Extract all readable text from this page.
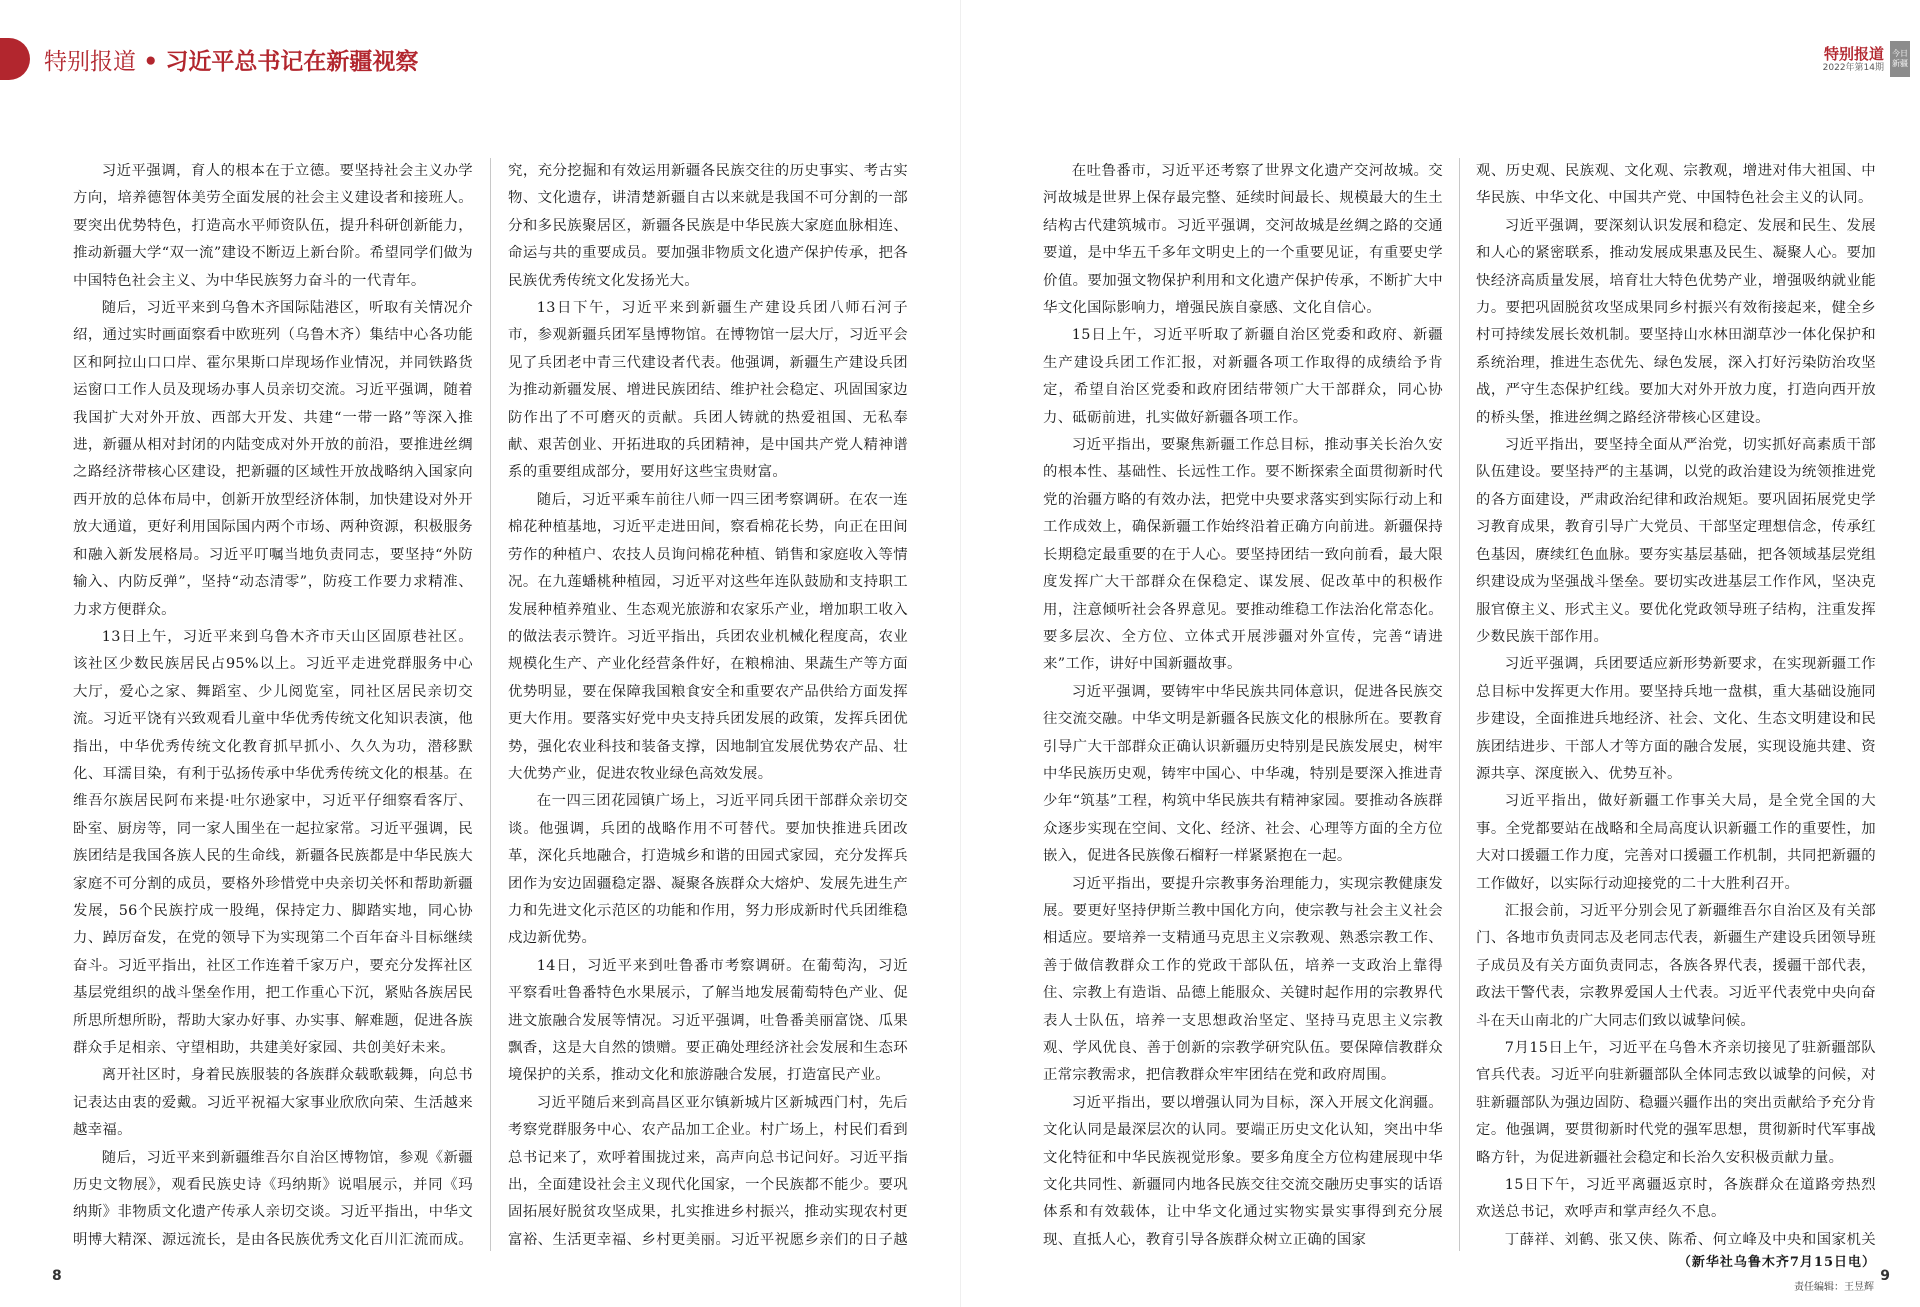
特别报道 • 习近平总书记在新疆视察	特别报道
2022年第14期
今日新疆

习近平强调，育人的根本在于立德。要坚持社会主义办学方向，培养德智体美劳全面发展的社会主义建设者和接班人。要突出优势特色，打造高水平师资队伍，提升科研创新能力，推动新疆大学“双一流”建设不断迈上新台阶。希望同学们做为中国特色社会主义、为中华民族努力奋斗的一代青年。

随后，习近平来到乌鲁木齐国际陆港区，听取有关情况介绍，通过实时画面察看中欧班列（乌鲁木齐）集结中心各功能区和阿拉山口口岸、霍尔果斯口岸现场作业情况，并同铁路货运窗口工作人员及现场办事人员亲切交流。习近平强调，随着我国扩大对外开放、西部大开发、共建“一带一路”等深入推进，新疆从相对封闭的内陆变成对外开放的前沿，要推进丝绸之路经济带核心区建设，把新疆的区域性开放战略纳入国家向西开放的总体布局中，创新开放型经济体制，加快建设对外开放大通道，更好利用国际国内两个市场、两种资源，积极服务和融入新发展格局。习近平叮嘱当地负责同志，要坚持“外防输入、内防反弹”，坚持“动态清零”，防疫工作要力求精准、力求方便群众。

13日上午，习近平来到乌鲁木齐市天山区固原巷社区。该社区少数民族居民占95%以上。习近平走进党群服务中心大厅，爱心之家、舞蹈室、少儿阅览室，同社区居民亲切交流。习近平饶有兴致观看儿童中华优秀传统文化知识表演，他指出，中华优秀传统文化教育抓早抓小、久久为功，潜移默化、耳濡目染，有利于弘扬传承中华优秀传统文化的根基。在维吾尔族居民阿布来提·吐尔逊家中，习近平仔细察看客厅、卧室、厨房等，同一家人围坐在一起拉家常。习近平强调，民族团结是我国各族人民的生命线，新疆各民族都是中华民族大家庭不可分割的成员，要格外珍惜党中央亲切关怀和帮助新疆发展，56个民族拧成一股绳，保持定力、脚踏实地，同心协力、踔厉奋发，在党的领导下为实现第二个百年奋斗目标继续奋斗。习近平指出，社区工作连着千家万户，要充分发挥社区基层党组织的战斗堡垒作用，把工作重心下沉，紧贴各族居民所思所想所盼，帮助大家办好事、办实事、解难题，促进各族群众手足相亲、守望相助，共建美好家园、共创美好未来。

离开社区时，身着民族服装的各族群众载歌载舞，向总书记表达由衷的爱戴。习近平祝福大家事业欣欣向荣、生活越来越幸福。

随后，习近平来到新疆维吾尔自治区博物馆，参观《新疆历史文物展》，观看民族史诗《玛纳斯》说唱展示，并同《玛纳斯》非物质文化遗产传承人亲切交谈。习近平指出，中华文明博大精深、源远流长，是由各民族优秀文化百川汇流而成。

究，充分挖掘和有效运用新疆各民族交往的历史事实、考古实物、文化遗存，讲清楚新疆自古以来就是我国不可分割的一部分和多民族聚居区，新疆各民族是中华民族大家庭血脉相连、命运与共的重要成员。要加强非物质文化遗产保护传承，把各民族优秀传统文化发扬光大。

13日下午，习近平来到新疆生产建设兵团八师石河子市，参观新疆兵团军垦博物馆。在博物馆一层大厅，习近平会见了兵团老中青三代建设者代表。他强调，新疆生产建设兵团为推动新疆发展、增进民族团结、维护社会稳定、巩固国家边防作出了不可磨灭的贡献。兵团人铸就的热爱祖国、无私奉献、艰苦创业、开拓进取的兵团精神，是中国共产党人精神谱系的重要组成部分，要用好这些宝贵财富。

随后，习近平乘车前往八师一四三团考察调研。在农一连棉花种植基地，习近平走进田间，察看棉花长势，向正在田间劳作的种植户、农技人员询问棉花种植、销售和家庭收入等情况。在九莲蟠桃种植园，习近平对这些年连队鼓励和支持职工发展种植养殖业、生态观光旅游和农家乐产业，增加职工收入的做法表示赞许。习近平指出，兵团农业机械化程度高，农业规模化生产、产业化经营条件好，在粮棉油、果蔬生产等方面优势明显，要在保障我国粮食安全和重要农产品供给方面发挥更大作用。要落实好党中央支持兵团发展的政策，发挥兵团优势，强化农业科技和装备支撑，因地制宜发展优势农产品、壮大优势产业，促进农牧业绿色高效发展。

在一四三团花园镇广场上，习近平同兵团干部群众亲切交谈。他强调，兵团的战略作用不可替代。要加快推进兵团改革，深化兵地融合，打造城乡和谐的田园式家园，充分发挥兵团作为安边固疆稳定器、凝聚各族群众大熔炉、发展先进生产力和先进文化示范区的功能和作用，努力形成新时代兵团维稳戍边新优势。

14日，习近平来到吐鲁番市考察调研。在葡萄沟，习近平察看吐鲁番特色水果展示，了解当地发展葡萄特色产业、促进文旅融合发展等情况。习近平强调，吐鲁番美丽富饶、瓜果飘香，这是大自然的馈赠。要正确处理经济社会发展和生态环境保护的关系，推动文化和旅游融合发展，打造富民产业。

习近平随后来到高昌区亚尔镇新城片区新城西门村，先后考察党群服务中心、农产品加工企业。村广场上，村民们看到总书记来了，欢呼着围拢过来，高声向总书记问好。习近平指出，全面建设社会主义现代化国家，一个民族都不能少。要巩固拓展好脱贫攻坚成果，扎实推进乡村振兴，推动实现农村更富裕、生活更幸福、乡村更美丽。习近平祝愿乡亲们的日子越

在吐鲁番市，习近平还考察了世界文化遗产交河故城。交河故城是世界上保存最完整、延续时间最长、规模最大的生土结构古代建筑城市。习近平强调，交河故城是丝绸之路的交通要道，是中华五千多年文明史上的一个重要见证，有重要史学价值。要加强文物保护利用和文化遗产保护传承，不断扩大中华文化国际影响力，增强民族自豪感、文化自信心。

15日上午，习近平听取了新疆自治区党委和政府、新疆生产建设兵团工作汇报，对新疆各项工作取得的成绩给予肯定，希望自治区党委和政府团结带领广大干部群众，同心协力、砥砺前进，扎实做好新疆各项工作。

习近平指出，要聚焦新疆工作总目标，推动事关长治久安的根本性、基础性、长远性工作。要不断探索全面贯彻新时代党的治疆方略的有效办法，把党中央要求落实到实际行动上和工作成效上，确保新疆工作始终沿着正确方向前进。新疆保持长期稳定最重要的在于人心。要坚持团结一致向前看，最大限度发挥广大干部群众在保稳定、谋发展、促改革中的积极作用，注意倾听社会各界意见。要推动维稳工作法治化常态化。要多层次、全方位、立体式开展涉疆对外宣传，完善“请进来”工作，讲好中国新疆故事。

习近平强调，要铸牢中华民族共同体意识，促进各民族交往交流交融。中华文明是新疆各民族文化的根脉所在。要教育引导广大干部群众正确认识新疆历史特别是民族发展史，树牢中华民族历史观，铸牢中国心、中华魂，特别是要深入推进青少年“筑基”工程，构筑中华民族共有精神家园。要推动各族群众逐步实现在空间、文化、经济、社会、心理等方面的全方位嵌入，促进各民族像石榴籽一样紧紧抱在一起。

习近平指出，要提升宗教事务治理能力，实现宗教健康发展。要更好坚持伊斯兰教中国化方向，使宗教与社会主义社会相适应。要培养一支精通马克思主义宗教观、熟悉宗教工作、善于做信教群众工作的党政干部队伍，培养一支政治上靠得住、宗教上有造诣、品德上能服众、关键时起作用的宗教界代表人士队伍，培养一支思想政治坚定、坚持马克思主义宗教观、学风优良、善于创新的宗教学研究队伍。要保障信教群众正常宗教需求，把信教群众牢牢团结在党和政府周围。

习近平指出，要以增强认同为目标，深入开展文化润疆。文化认同是最深层次的认同。要端正历史文化认知，突出中华文化特征和中华民族视觉形象。要多角度全方位构建展现中华文化共同性、新疆同内地各民族交往交流交融历史事实的话语体系和有效载体，让中华文化通过实物实景实事得到充分展现、直抵人心，教育引导各族群众树立正确的国家

观、历史观、民族观、文化观、宗教观，增进对伟大祖国、中华民族、中华文化、中国共产党、中国特色社会主义的认同。

习近平强调，要深刻认识发展和稳定、发展和民生、发展和人心的紧密联系，推动发展成果惠及民生、凝聚人心。要加快经济高质量发展，培育壮大特色优势产业，增强吸纳就业能力。要把巩固脱贫攻坚成果同乡村振兴有效衔接起来，健全乡村可持续发展长效机制。要坚持山水林田湖草沙一体化保护和系统治理，推进生态优先、绿色发展，深入打好污染防治攻坚战，严守生态保护红线。要加大对外开放力度，打造向西开放的桥头堡，推进丝绸之路经济带核心区建设。

习近平指出，要坚持全面从严治党，切实抓好高素质干部队伍建设。要坚持严的主基调，以党的政治建设为统领推进党的各方面建设，严肃政治纪律和政治规矩。要巩固拓展党史学习教育成果，教育引导广大党员、干部坚定理想信念，传承红色基因，赓续红色血脉。要夯实基层基础，把各领域基层党组织建设成为坚强战斗堡垒。要切实改进基层工作作风，坚决克服官僚主义、形式主义。要优化党政领导班子结构，注重发挥少数民族干部作用。

习近平强调，兵团要适应新形势新要求，在实现新疆工作总目标中发挥更大作用。要坚持兵地一盘棋，重大基础设施同步建设，全面推进兵地经济、社会、文化、生态文明建设和民族团结进步、干部人才等方面的融合发展，实现设施共建、资源共享、深度嵌入、优势互补。

习近平指出，做好新疆工作事关大局，是全党全国的大事。全党都要站在战略和全局高度认识新疆工作的重要性，加大对口援疆工作力度，完善对口援疆工作机制，共同把新疆的工作做好，以实际行动迎接党的二十大胜利召开。

汇报会前，习近平分别会见了新疆维吾尔自治区及有关部门、各地市负责同志及老同志代表，新疆生产建设兵团领导班子成员及有关方面负责同志，各族各界代表，援疆干部代表，政法干警代表，宗教界爱国人士代表。习近平代表党中央向奋斗在天山南北的广大同志们致以诚挚问候。

7月15日上午，习近平在乌鲁木齐亲切接见了驻新疆部队官兵代表。习近平向驻新疆部队全体同志致以诚挚的问候，对驻新疆部队为强边固防、稳疆兴疆作出的突出贡献给予充分肯定。他强调，要贯彻新时代党的强军思想，贯彻新时代军事战略方针，为促进新疆社会稳定和长治久安积极贡献力量。

15日下午，习近平离疆返京时，各族群众在道路旁热烈欢送总书记，欢呼声和掌声经久不息。

丁薛祥、刘鹤、张又侠、陈希、何立峰及中央和国家机关

（新华社乌鲁木齐7月15日电）
责任编辑：王昱辉
8	9
